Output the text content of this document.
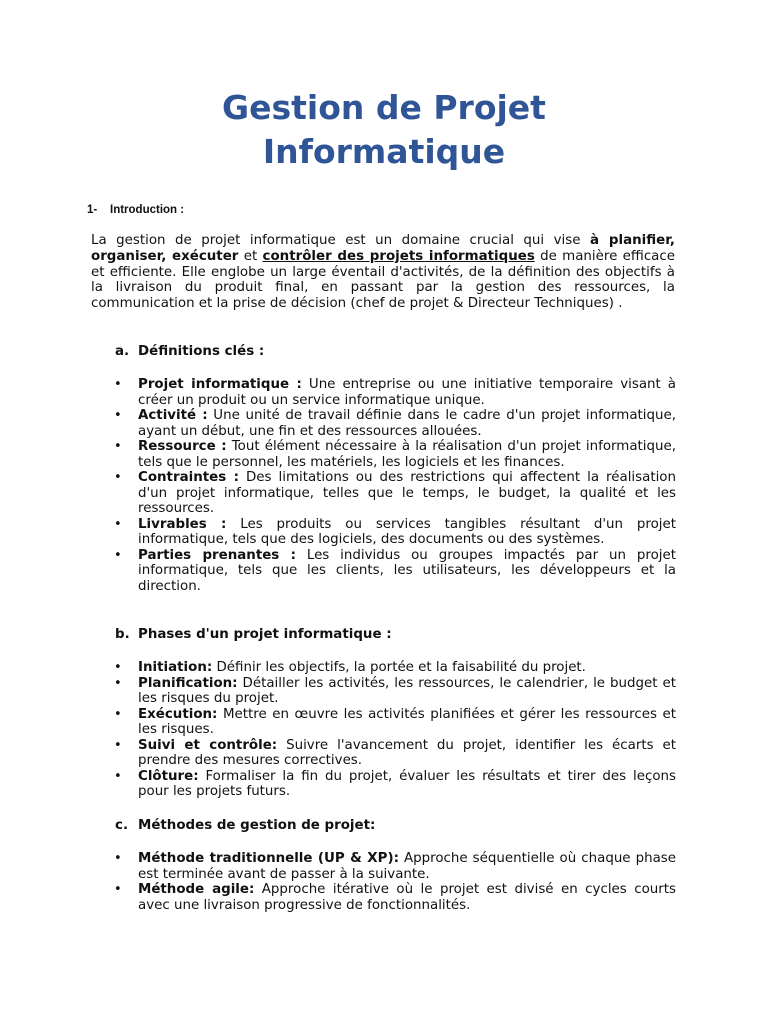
Gestion de Projet
Informatique
1- Introduction :
La gestion de projet informatique est un domaine crucial qui vise à planifier, organiser, exécuter et contrôler des projets informatiques de manière efficace et efficiente. Elle englobe un large éventail d'activités, de la définition des objectifs à la livraison du produit final, en passant par la gestion des ressources, la communication et la prise de décision (chef de projet & Directeur Techniques) .
a. Définitions clés :
• Projet informatique : Une entreprise ou une initiative temporaire visant à créer un produit ou un service informatique unique.
• Activité : Une unité de travail définie dans le cadre d'un projet informatique, ayant un début, une fin et des ressources allouées.
• Ressource : Tout élément nécessaire à la réalisation d'un projet informatique, tels que le personnel, les matériels, les logiciels et les finances.
• Contraintes : Des limitations ou des restrictions qui affectent la réalisation d'un projet informatique, telles que le temps, le budget, la qualité et les ressources.
• Livrables : Les produits ou services tangibles résultant d'un projet informatique, tels que des logiciels, des documents ou des systèmes.
• Parties prenantes : Les individus ou groupes impactés par un projet informatique, tels que les clients, les utilisateurs, les développeurs et la direction.
b. Phases d'un projet informatique :
• Initiation: Définir les objectifs, la portée et la faisabilité du projet.
• Planification: Détailler les activités, les ressources, le calendrier, le budget et les risques du projet.
• Exécution: Mettre en œuvre les activités planifiées et gérer les ressources et les risques.
• Suivi et contrôle: Suivre l'avancement du projet, identifier les écarts et prendre des mesures correctives.
• Clôture: Formaliser la fin du projet, évaluer les résultats et tirer des leçons pour les projets futurs.
c. Méthodes de gestion de projet:
• Méthode traditionnelle (UP & XP): Approche séquentielle où chaque phase est terminée avant de passer à la suivante.
• Méthode agile: Approche itérative où le projet est divisé en cycles courts avec une livraison progressive de fonctionnalités.
